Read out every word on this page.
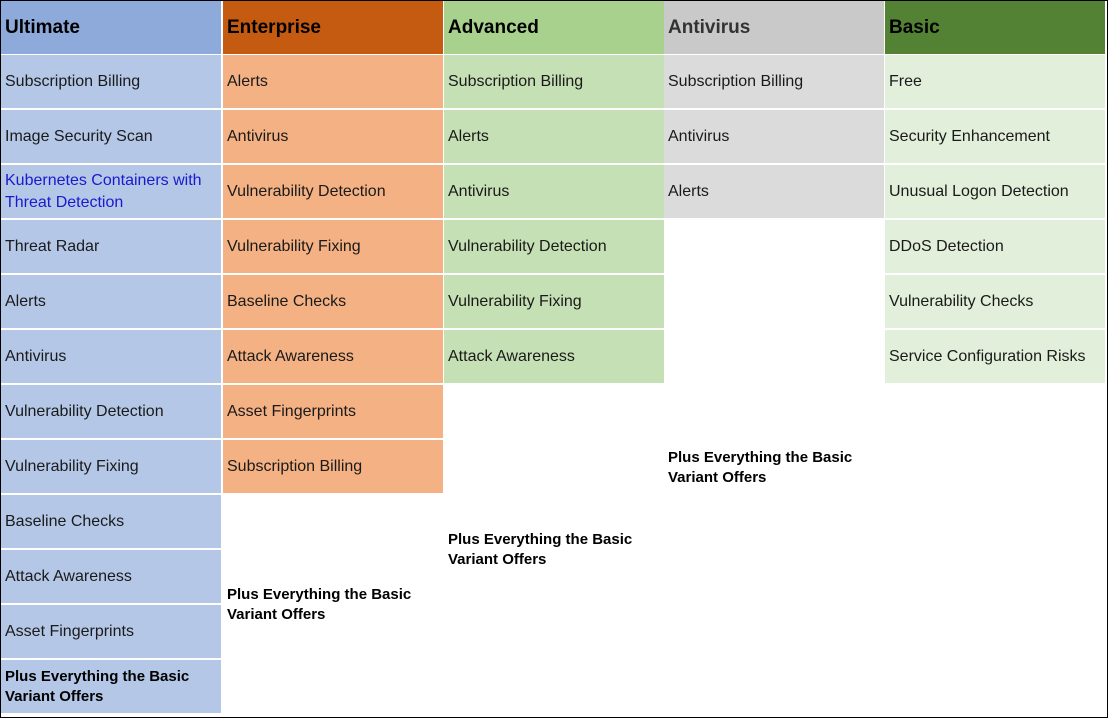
Ultimate
Subscription Billing
Image Security Scan
Kubernetes Containers with Threat Detection
Threat Radar
Alerts
Antivirus
Vulnerability Detection
Vulnerability Fixing
Baseline Checks
Attack Awareness
Asset Fingerprints
Plus Everything the Basic Variant Offers
Enterprise
Alerts
Antivirus
Vulnerability Detection
Vulnerability Fixing
Baseline Checks
Attack Awareness
Asset Fingerprints
Subscription Billing
Plus Everything the Basic Variant Offers
Advanced
Subscription Billing
Alerts
Antivirus
Vulnerability Detection
Vulnerability Fixing
Attack Awareness
Plus Everything the Basic Variant Offers
Antivirus
Subscription Billing
Antivirus
Alerts
Plus Everything the Basic Variant Offers
Basic
Free
Security Enhancement
Unusual Logon Detection
DDoS Detection
Vulnerability Checks
Service Configuration Risks
